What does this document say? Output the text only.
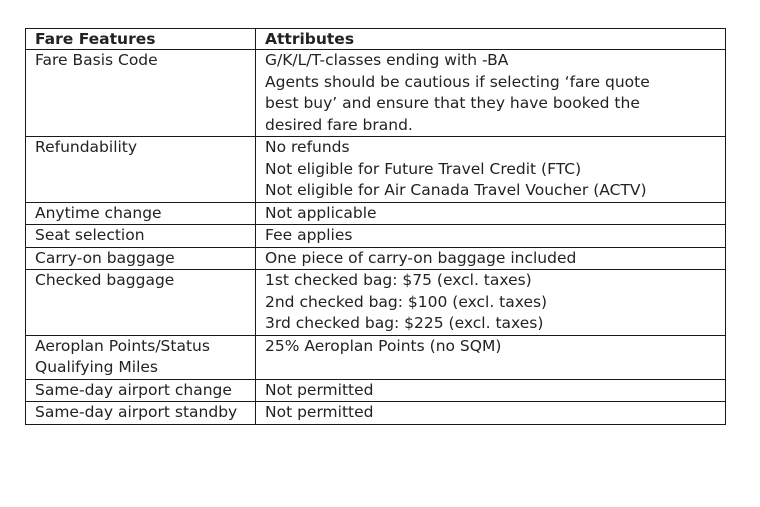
Fare Features	Attributes
Fare Basis Code	G/K/L/T-classes ending with -BA
Agents should be cautious if selecting ‘fare quote
best buy’ and ensure that they have booked the
desired fare brand.

Refundability	No refunds
Not eligible for Future Travel Credit (FTC)
Not eligible for Air Canada Travel Voucher (ACTV)

Anytime change	Not applicable

Seat selection	Fee applies

Carry-on baggage	One piece of carry-on baggage included

Checked baggage	1st checked bag: $75 (excl. taxes)
2nd checked bag: $100 (excl. taxes)
3rd checked bag: $225 (excl. taxes)

Aeroplan Points/Status Qualifying Miles	25% Aeroplan Points (no SQM)

Same-day airport change	Not permitted

Same-day airport standby	Not permitted
